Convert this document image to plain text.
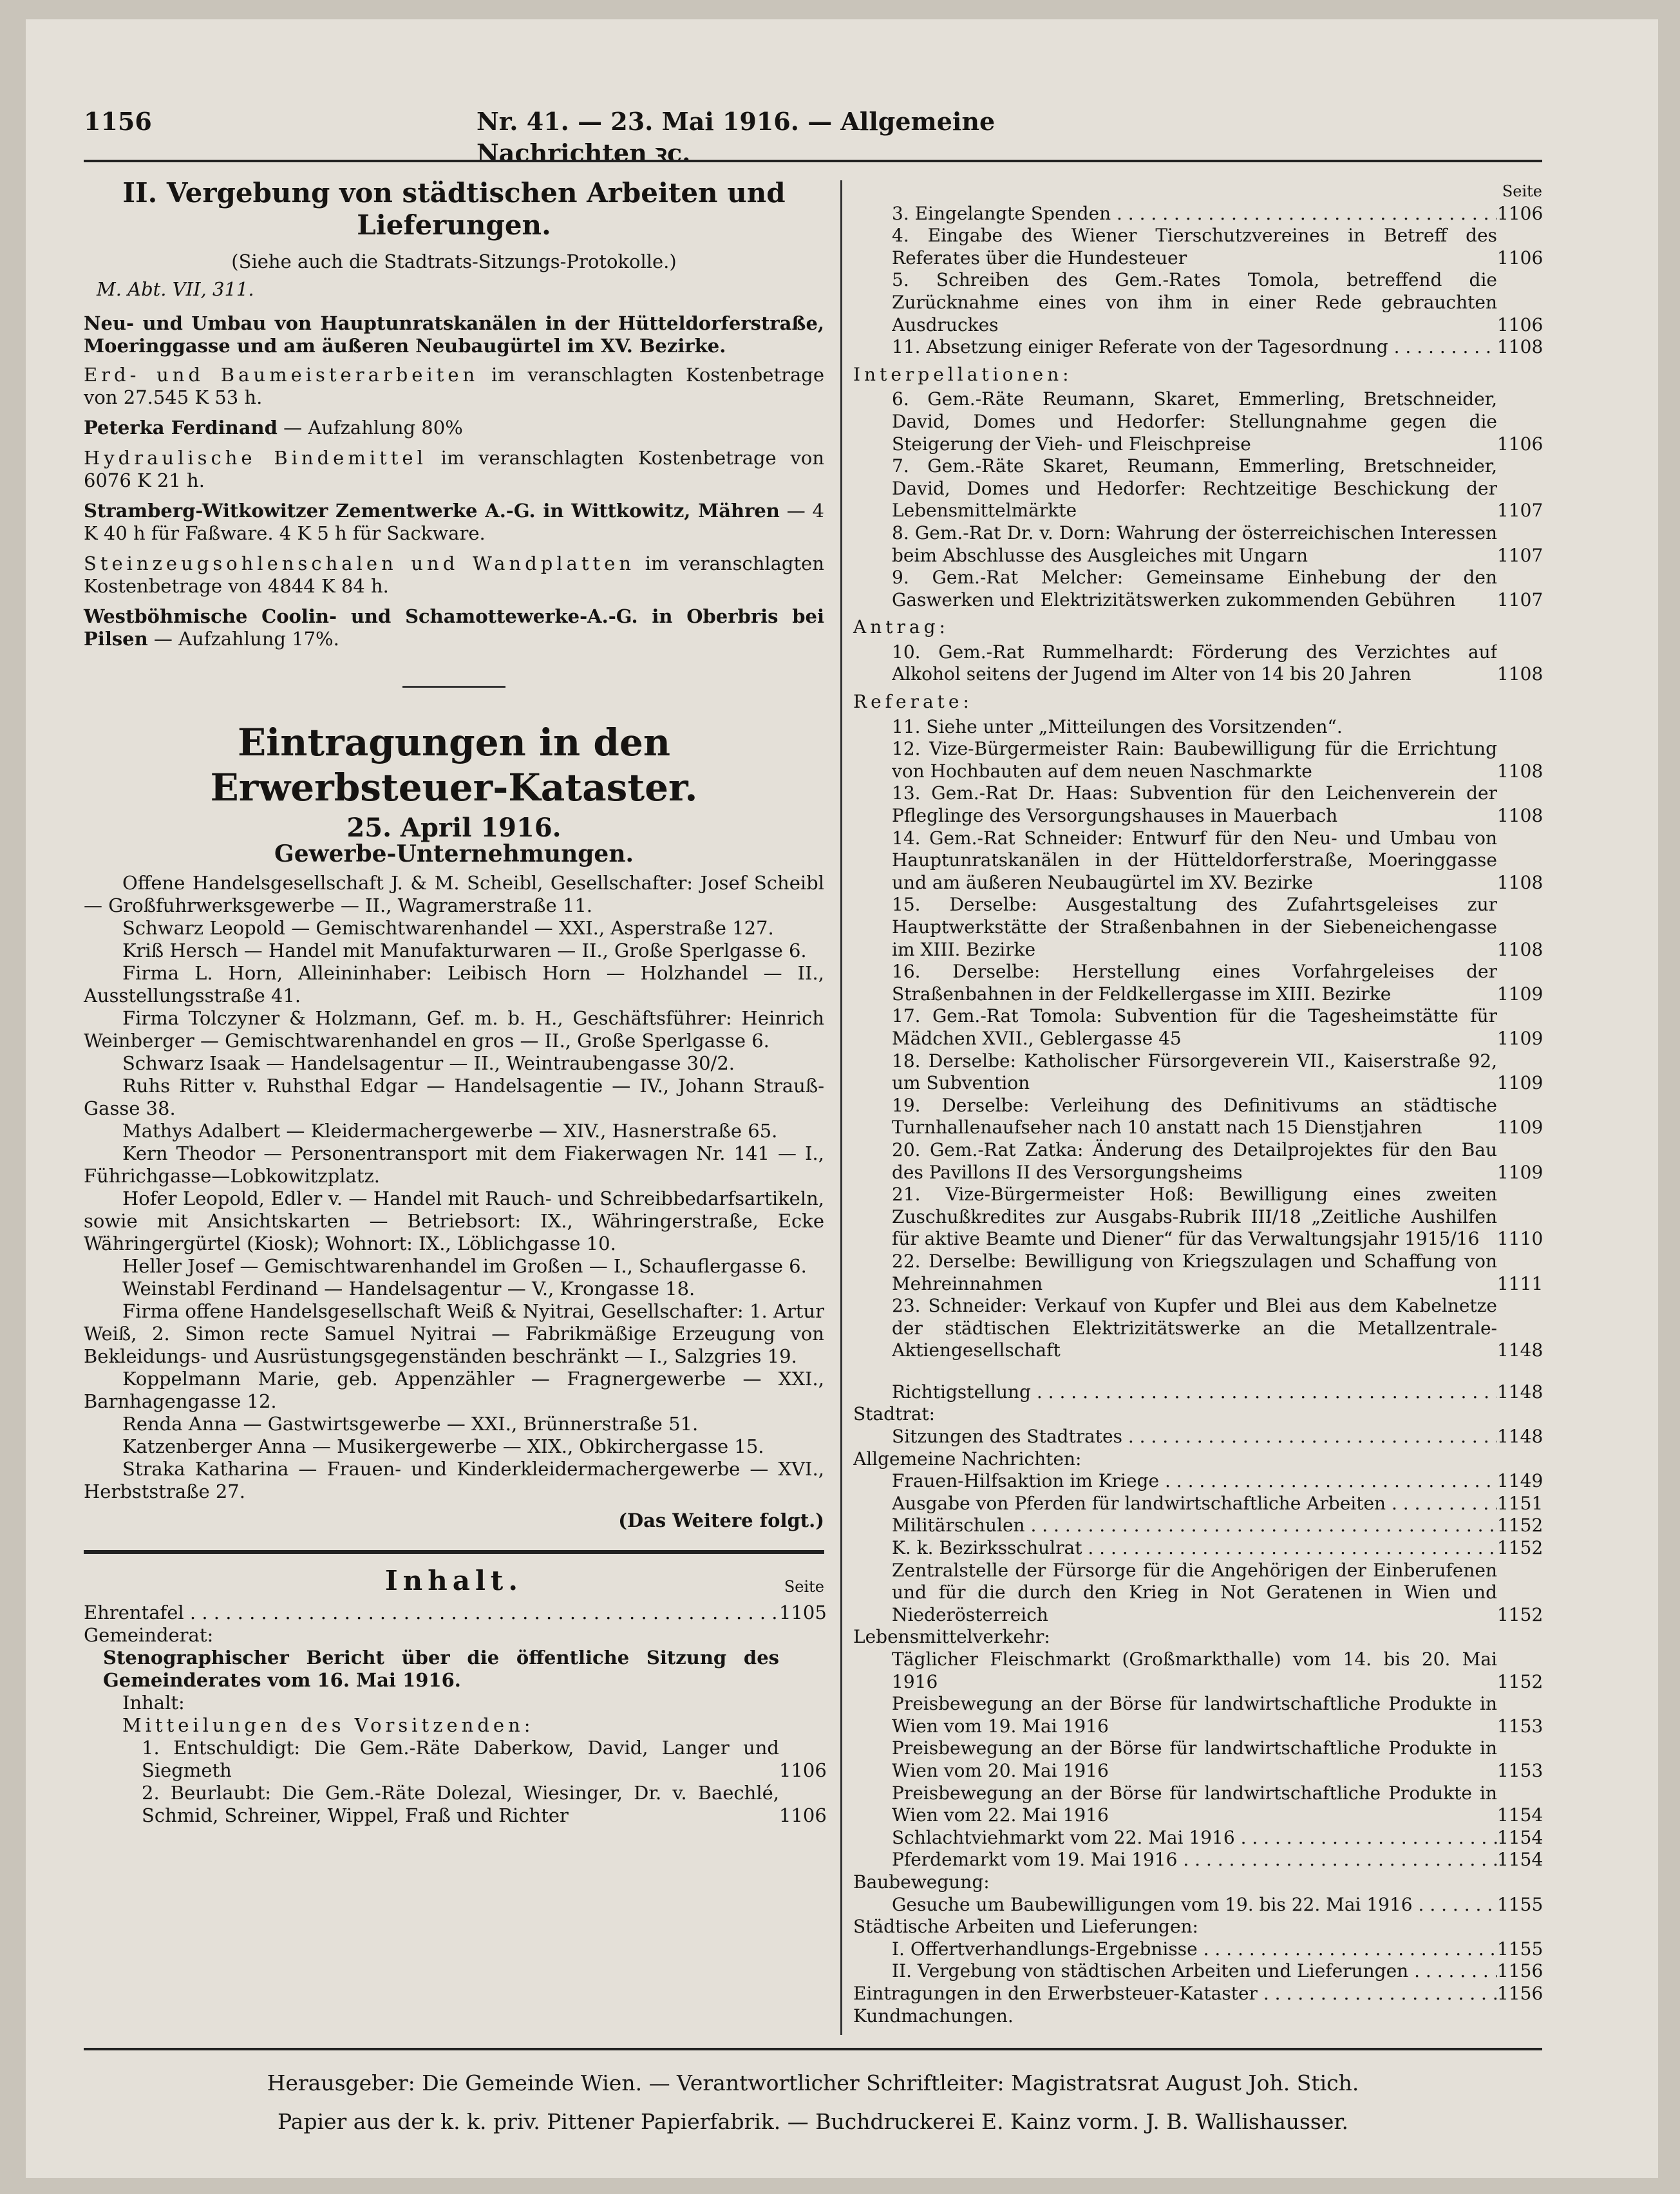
1156	Nr. 41. — 23. Mai 1916. — Allgemeine Nachrichten ꝛc.
II. Vergebung von städtischen Arbeiten und Lieferungen.

(Siehe auch die Stadtrats-Sitzungs-Protokolle.)

M. Abt. VII, 311.

Neu- und Umbau von Hauptunratskanälen in der Hütteldorferstraße, Moeringgasse und am äußeren Neubaugürtel im XV. Bezirke.

Erd- und Baumeisterarbeiten im veranschlagten Kostenbetrage von 27.545 K 53 h.

Peterka Ferdinand — Aufzahlung 80%

Hydraulische Bindemittel im veranschlagten Kostenbetrage von 6076 K 21 h.

Stramberg-Witkowitzer Zementwerke A.-G. in Wittkowitz, Mähren — 4 K 40 h für Faßware. 4 K 5 h für Sackware.

Steinzeugsohlenschalen und Wandplatten im veranschlagten Kostenbetrage von 4844 K 84 h.

Westböhmische Coolin- und Schamottewerke-A.-G. in Oberbris bei Pilsen — Aufzahlung 17%.

Eintragungen in den Erwerbsteuer-Kataster.
25. April 1916.
Gewerbe-Unternehmungen.

Offene Handelsgesellschaft J. & M. Scheibl, Gesellschafter: Josef Scheibl — Großfuhrwerksgewerbe — II., Wagramerstraße 11.

Schwarz Leopold — Gemischtwarenhandel — XXI., Asperstraße 127.

Kriß Hersch — Handel mit Manufakturwaren — II., Große Sperlgasse 6.

Firma L. Horn, Alleininhaber: Leibisch Horn — Holzhandel — II., Ausstellungsstraße 41.

Firma Tolczyner & Holzmann, Gef. m. b. H., Geschäftsführer: Heinrich Weinberger — Gemischtwarenhandel en gros — II., Große Sperlgasse 6.

Schwarz Isaak — Handelsagentur — II., Weintraubengasse 30/2.

Ruhs Ritter v. Ruhsthal Edgar — Handelsagentie — IV., Johann Strauß-Gasse 38.

Mathys Adalbert — Kleidermachergewerbe — XIV., Hasnerstraße 65.

Kern Theodor — Personentransport mit dem Fiakerwagen Nr. 141 — I., Führichgasse—Lobkowitzplatz.

Hofer Leopold, Edler v. — Handel mit Rauch- und Schreibbedarfsartikeln, sowie mit Ansichtskarten — Betriebsort: IX., Währingerstraße, Ecke Währingergürtel (Kiosk); Wohnort: IX., Löblichgasse 10.

Heller Josef — Gemischtwarenhandel im Großen — I., Schauflergasse 6.

Weinstabl Ferdinand — Handelsagentur — V., Krongasse 18.

Firma offene Handelsgesellschaft Weiß & Nyitrai, Gesellschafter: 1. Artur Weiß, 2. Simon recte Samuel Nyitrai — Fabrikmäßige Erzeugung von Bekleidungs- und Ausrüstungsgegenständen beschränkt — I., Salzgries 19.

Koppelmann Marie, geb. Appenzähler — Fragnergewerbe — XXI., Barnhagengasse 12.

Renda Anna — Gastwirtsgewerbe — XXI., Brünnerstraße 51.

Katzenberger Anna — Musikergewerbe — XIX., Obkirchergasse 15.

Straka Katharina — Frauen- und Kinderkleidermachergewerbe — XVI., Herbststraße 27.

(Das Weitere folgt.)

Inhalt.	Seite
Ehrentafel . . .	1105
Gemeinderat:
Stenographischer Bericht über die öffentliche Sitzung des Gemeinderates vom 16. Mai 1916.
Inhalt:
Mitteilungen des Vorsitzenden:
1. Entschuldigt: Die Gem.-Räte Daberkow, David, Langer und Siegmeth	1106
2. Beurlaubt: Die Gem.-Räte Dolezal, Wiesinger, Dr. v. Baechlé, Schmid, Schreiner, Wippel, Fraß und Richter	1106
Seite
3. Eingelangte Spenden . . .	1106
4. Eingabe des Wiener Tierschutzvereines in Betreff des Referates über die Hundesteuer	1106
5. Schreiben des Gem.-Rates Tomola, betreffend die Zurücknahme eines von ihm in einer Rede gebrauchten Ausdruckes	1106
11. Absetzung einiger Referate von der Tagesordnung . . .	1108
Interpellationen:
6. Gem.-Räte Reumann, Skaret, Emmerling, Bretschneider, David, Domes und Hedorfer: Stellungnahme gegen die Steigerung der Vieh- und Fleischpreise	1106
7. Gem.-Räte Skaret, Reumann, Emmerling, Bretschneider, David, Domes und Hedorfer: Rechtzeitige Beschickung der Lebensmittelmärkte	1107
8. Gem.-Rat Dr. v. Dorn: Wahrung der österreichischen Interessen beim Abschlusse des Ausgleiches mit Ungarn	1107
9. Gem.-Rat Melcher: Gemeinsame Einhebung der den Gaswerken und Elektrizitätswerken zukommenden Gebühren	1107
Antrag:
10. Gem.-Rat Rummelhardt: Förderung des Verzichtes auf Alkohol seitens der Jugend im Alter von 14 bis 20 Jahren	1108
Referate:
11. Siehe unter „Mitteilungen des Vorsitzenden“.
12. Vize-Bürgermeister Rain: Baubewilligung für die Errichtung von Hochbauten auf dem neuen Naschmarkte	1108
13. Gem.-Rat Dr. Haas: Subvention für den Leichenverein der Pfleglinge des Versorgungshauses in Mauerbach	1108
14. Gem.-Rat Schneider: Entwurf für den Neu- und Umbau von Hauptunratskanälen in der Hütteldorferstraße, Moeringgasse und am äußeren Neubaugürtel im XV. Bezirke	1108
15. Derselbe: Ausgestaltung des Zufahrtsgeleises zur Hauptwerkstätte der Straßenbahnen in der Siebeneichengasse im XIII. Bezirke	1108
16. Derselbe: Herstellung eines Vorfahrgeleises der Straßenbahnen in der Feldkellergasse im XIII. Bezirke	1109
17. Gem.-Rat Tomola: Subvention für die Tagesheimstätte für Mädchen XVII., Geblergasse 45	1109
18. Derselbe: Katholischer Fürsorgeverein VII., Kaiserstraße 92, um Subvention	1109
19. Derselbe: Verleihung des Definitivums an städtische Turnhallenaufseher nach 10 anstatt nach 15 Dienstjahren	1109
20. Gem.-Rat Zatka: Änderung des Detailprojektes für den Bau des Pavillons II des Versorgungsheims	1109
21. Vize-Bürgermeister Hoß: Bewilligung eines zweiten Zuschußkredites zur Ausgabs-Rubrik III/18 „Zeitliche Aushilfen für aktive Beamte und Diener“ für das Verwaltungsjahr 1915/16 1110
22. Derselbe: Bewilligung von Kriegszulagen und Schaffung von Mehreinnahmen	1111
23. Schneider: Verkauf von Kupfer und Blei aus dem Kabelnetze der städtischen Elektrizitätswerke an die Metallzentrale-Aktiengesellschaft	1148
Richtigstellung . . .	1148
Stadtrat:
Sitzungen des Stadtrates . . .	1148
Allgemeine Nachrichten:
Frauen-Hilfsaktion im Kriege . . .	1149
Ausgabe von Pferden für landwirtschaftliche Arbeiten . . .	1151
Militärschulen . . .	1152
K. k. Bezirksschulrat . . .	1152
Zentralstelle der Fürsorge für die Angehörigen der Einberufenen und für die durch den Krieg in Not Geratenen in Wien und Niederösterreich	1152
Lebensmittelverkehr:
Täglicher Fleischmarkt (Großmarkthalle) vom 14. bis 20. Mai 1916	1152
Preisbewegung an der Börse für landwirtschaftliche Produkte in Wien vom 19. Mai 1916	1153
Preisbewegung an der Börse für landwirtschaftliche Produkte in Wien vom 20. Mai 1916	1153
Preisbewegung an der Börse für landwirtschaftliche Produkte in Wien vom 22. Mai 1916	1154
Schlachtviehmarkt vom 22. Mai 1916 . . .	1154
Pferdemarkt vom 19. Mai 1916 . . .	1154
Baubewegung:
Gesuche um Baubewilligungen vom 19. bis 22. Mai 1916 . . .	1155
Städtische Arbeiten und Lieferungen:
I. Offertverhandlungs-Ergebnisse . . .	1155
II. Vergebung von städtischen Arbeiten und Lieferungen . . .	1156
Eintragungen in den Erwerbsteuer-Kataster . . .	1156
Kundmachungen.
Herausgeber: Die Gemeinde Wien. — Verantwortlicher Schriftleiter: Magistratsrat August Joh. Stich.
Papier aus der k. k. priv. Pittener Papierfabrik. — Buchdruckerei E. Kainz vorm. J. B. Wallishausser.
